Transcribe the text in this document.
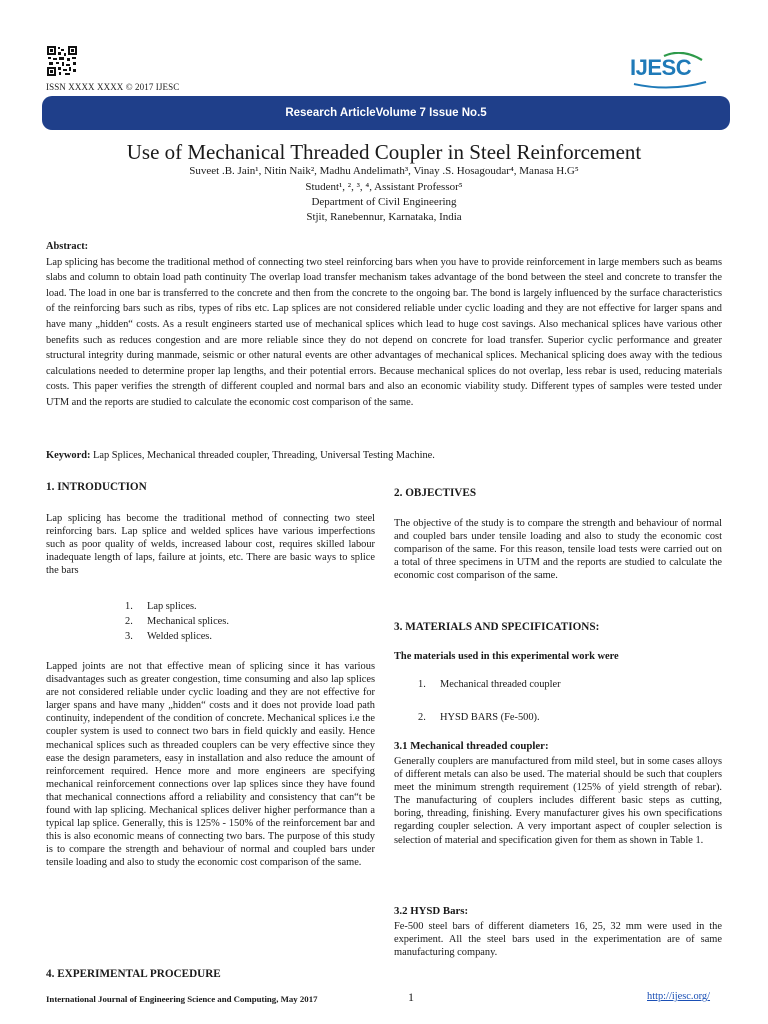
ISSN XXXX XXXX © 2017 IJESC
IJESC
Research ArticleVolume 7 Issue No.5
Use of Mechanical Threaded Coupler in Steel Reinforcement
Suveet .B. Jain¹, Nitin Naik², Madhu Andelimath³, Vinay .S. Hosagoudar⁴, Manasa H.G⁵
Student¹, ², ³, ⁴, Assistant Professor⁵
Department of Civil Engineering
Stjit, Ranebennur, Karnataka, India
Abstract:
Lap splicing has become the traditional method of connecting two steel reinforcing bars when you have to provide reinforcement in large members such as beams slabs and column to obtain load path continuity The overlap load transfer mechanism takes advantage of the bond between the steel and concrete to transfer the load. The load in one bar is transferred to the concrete and then from the concrete to the ongoing bar. The bond is largely influenced by the surface characteristics of the reinforcing bars such as ribs, types of ribs etc. Lap splices are not considered reliable under cyclic loading and they are not effective for larger spans and have many „hidden“ costs. As a result engineers started use of mechanical splices which lead to huge cost savings. Also mechanical splices have various other benefits such as reduces congestion and are more reliable since they do not depend on concrete for load transfer. Superior cyclic performance and greater structural integrity during manmade, seismic or other natural events are other advantages of mechanical splices. Mechanical splicing does away with the tedious calculations needed to determine proper lap lengths, and their potential errors. Because mechanical splices do not overlap, less rebar is used, reducing materials costs. This paper verifies the strength of different coupled and normal bars and also an economic viability study. Different types of samples were tested under UTM and the reports are studied to calculate the economic cost comparison of the same.
Keyword: Lap Splices, Mechanical threaded coupler, Threading, Universal Testing Machine.
1. INTRODUCTION
Lap splicing has become the traditional method of connecting two steel reinforcing bars. Lap splice and welded splices have various imperfections such as poor quality of welds, increased labour cost, requires skilled labour inadequate length of laps, failure at joints, etc. There are basic ways to splice the bars
1.	Lap splices.
2.	Mechanical splices.
3.	Welded splices.
Lapped joints are not that effective mean of splicing since it has various disadvantages such as greater congestion, time consuming and also lap splices are not considered reliable under cyclic loading and they are not effective for larger spans and have many „hidden“ costs and it does not provide load path continuity, independent of the condition of concrete. Mechanical splices i.e the coupler system is used to connect two bars in field quickly and easily. Hence mechanical splices such as threaded couplers can be very effective since they ease the design parameters, easy in installation and also reduce the amount of reinforcement required. Hence more and more engineers are specifying mechanical reinforcement connections over lap splices since they have found that mechanical connections afford a reliability and consistency that can“t be found with lap splicing. Mechanical splices deliver higher performance than a typical lap splice. Generally, this is 125% - 150% of the reinforcement bar and this is also economic means of connecting two bars. The purpose of this study is to compare the strength and behaviour of normal and coupled bars under tensile loading and also to study the economic cost comparison of the same.
4. EXPERIMENTAL PROCEDURE
2. OBJECTIVES
The objective of the study is to compare the strength and behaviour of normal and coupled bars under tensile loading and also to study the economic cost comparison of the same. For this reason, tensile load tests were carried out on a total of three specimens in UTM and the reports are studied to calculate the economic cost comparison of the same.
3. MATERIALS AND SPECIFICATIONS:
The materials used in this experimental work were
1.	Mechanical threaded coupler
2.	HYSD BARS (Fe-500).
3.1 Mechanical threaded coupler:
Generally couplers are manufactured from mild steel, but in some cases alloys of different metals can also be used. The material should be such that couplers meet the minimum strength requirement (125% of yield strength of rebar). The manufacturing of couplers includes different basic steps as cutting, boring, threading, finishing. Every manufacturer gives his own specifications regarding coupler selection. A very important aspect of coupler selection is selection of material and specification given for them as shown in Table 1.
3.2 HYSD Bars:
Fe-500 steel bars of different diameters 16, 25, 32 mm were used in the experiment. All the steel bars used in the experimentation are of same manufacturing company.
International Journal of Engineering Science and Computing, May 2017	1	http://ijesc.org/
